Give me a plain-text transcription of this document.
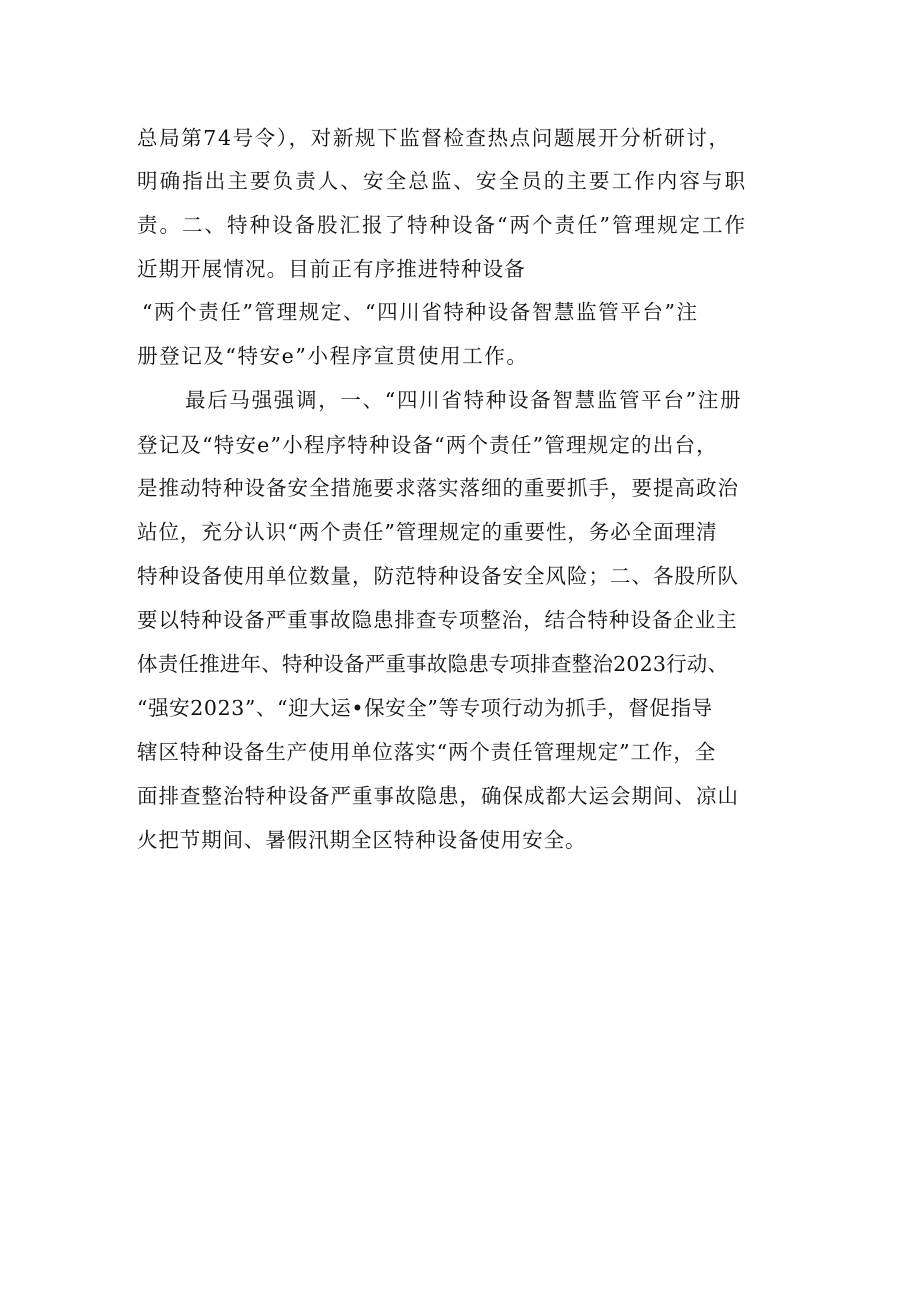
总局第74号令），对新规下监督检查热点问题展开分析研讨，
明确指出主要负责人、安全总监、安全员的主要工作内容与职
责。二、特种设备股汇报了特种设备“两个责任”管理规定工作
近期开展情况。目前正有序推进特种设备
“两个责任”管理规定、“四川省特种设备智慧监管平台”注
册登记及“特安e”小程序宣贯使用工作。
最后马强强调，一、“四川省特种设备智慧监管平台”注册
登记及“特安e”小程序特种设备“两个责任”管理规定的出台，
是推动特种设备安全措施要求落实落细的重要抓手，要提高政治
站位，充分认识“两个责任”管理规定的重要性，务必全面理清
特种设备使用单位数量，防范特种设备安全风险；二、各股所队
要以特种设备严重事故隐患排查专项整治，结合特种设备企业主
体责任推进年、特种设备严重事故隐患专项排查整治2023行动、
“强安2023”、“迎大运•保安全”等专项行动为抓手，督促指导
辖区特种设备生产使用单位落实“两个责任管理规定”工作，全
面排查整治特种设备严重事故隐患，确保成都大运会期间、凉山
火把节期间、暑假汛期全区特种设备使用安全。
